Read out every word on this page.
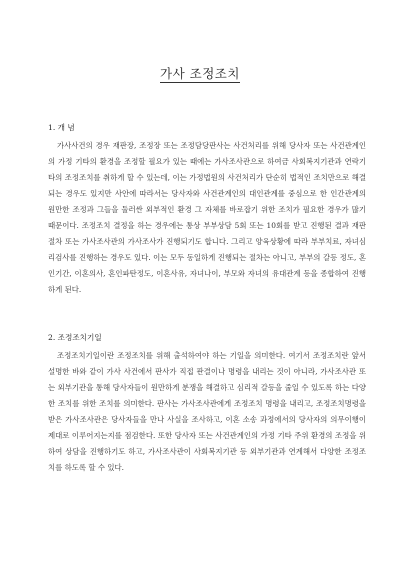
가사 조정조치
1. 개 념

가사사건의 경우 재판장, 조정장 또는 조정담당판사는 사건처리를 위해 당사자 또는 사건관계인의 가정 기타의 환경을 조정할 필요가 있는 때에는 가사조사관으로 하여금 사회복지기관과 연락기타의 조정조치를 취하게 할 수 있는데, 이는 가정법원의 사건처리가 단순히 법적인 조치만으로 해결되는 경우도 있지만 사안에 따라서는 당사자와 사건관계인의 대인관계를 중심으로 한 인간관계의 원만한 조정과 그들을 둘러싼 외부적인 환경 그 자체를 바로잡기 위한 조치가 필요한 경우가 많기 때문이다. 조정조치 결정을 하는 경우에는 통상 부부상담 5회 또는 10회를 받고 진행된 결과 재판절차 또는 가사조사관의 가사조사가 진행되기도 합니다. 그리고 양육상황에 따라 부부치료, 자녀심리검사를 진행하는 경우도 있다. 이는 모두 동일하게 진행되는 절차는 아니고, 부부의 갈등 정도, 혼인기간, 이혼의사, 혼인파탄정도, 이혼사유, 자녀나이, 부모와 자녀의 유대관계 등을 종합하여 진행하게 된다.

2. 조정조치기일

조정조치기일이란 조정조치를 위해 출석하여야 하는 기일을 의미한다. 여기서 조정조치란 앞서 설명한 바와 같이 가사 사건에서 판사가 직접 판결이나 명령을 내리는 것이 아니라, 가사조사관 또는 외부기관을 통해 당사자들이 원만하게 분쟁을 해결하고 심리적 갈등을 줄일 수 있도록 하는 다양한 조치를 위한 조치를 의미한다. 판사는 가사조사관에게 조정조치 명령을 내리고, 조정조치명령을 받은 가사조사관은 당사자들을 만나 사실을 조사하고, 이혼 소송 과정에서의 당사자의 의무이행이 제대로 이루어지는지를 점검한다. 또한 당사자 또는 사건관계인의 가정 기타 주위 환경의 조정을 위하여 상담을 진행하기도 하고, 가사조사관이 사회복지기관 등 외부기관과 연계해서 다양한 조정조치를 하도록 할 수 있다.
